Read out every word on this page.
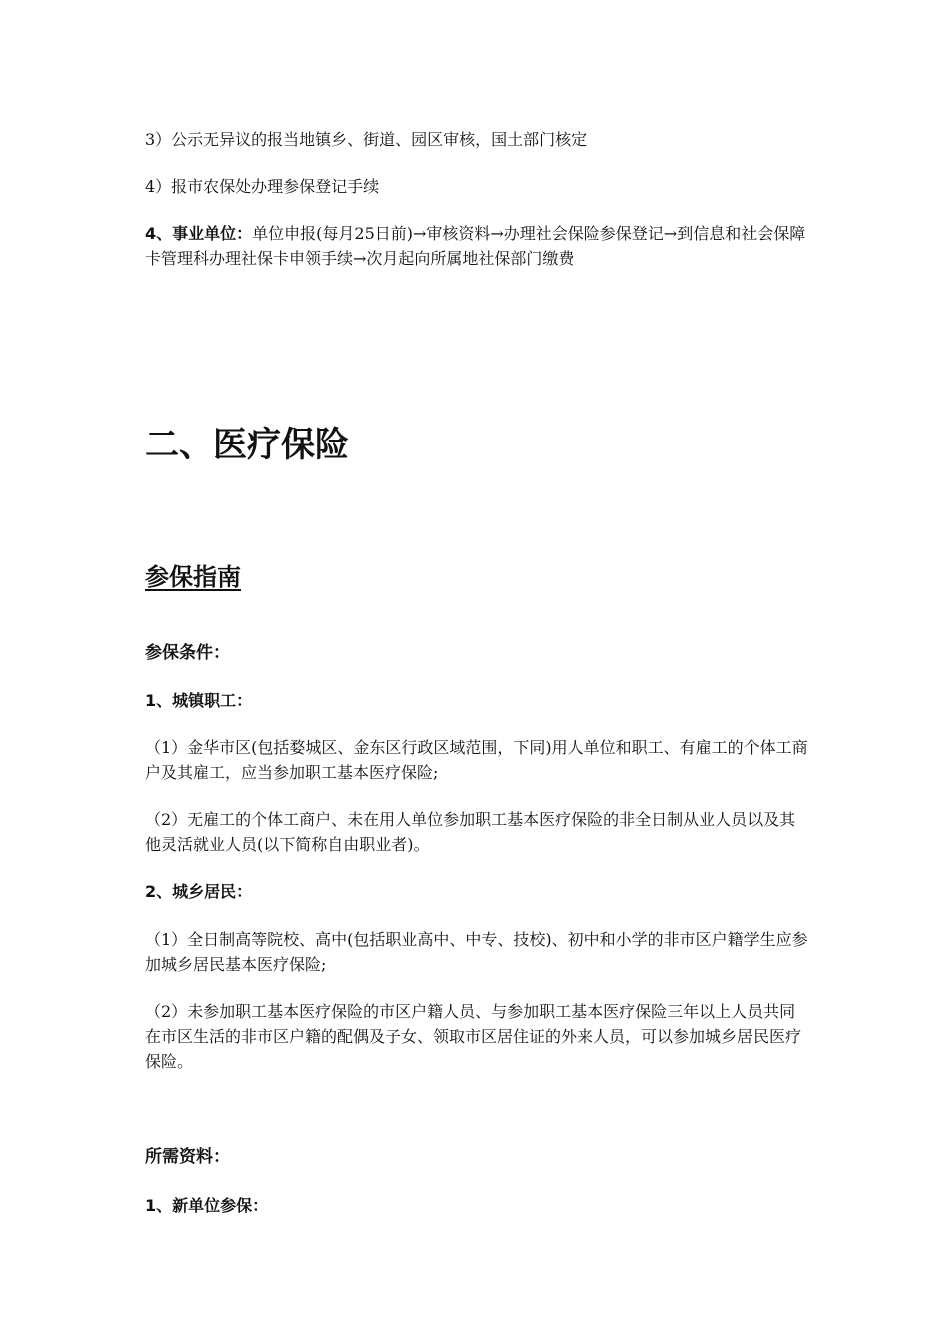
3）公示无异议的报当地镇乡、街道、园区审核，国土部门核定

4）报市农保处办理参保登记手续

4、事业单位：单位申报(每月25日前)→审核资料→办理社会保险参保登记→到信息和社会保障卡管理科办理社保卡申领手续→次月起向所属地社保部门缴费

二、医疗保险
参保指南

参保条件：

1、城镇职工：

（1）金华市区(包括婺城区、金东区行政区域范围，下同)用人单位和职工、有雇工的个体工商户及其雇工，应当参加职工基本医疗保险;

（2）无雇工的个体工商户、未在用人单位参加职工基本医疗保险的非全日制从业人员以及其他灵活就业人员(以下简称自由职业者)。

2、城乡居民：

（1）全日制高等院校、高中(包括职业高中、中专、技校)、初中和小学的非市区户籍学生应参加城乡居民基本医疗保险;

（2）未参加职工基本医疗保险的市区户籍人员、与参加职工基本医疗保险三年以上人员共同在市区生活的非市区户籍的配偶及子女、领取市区居住证的外来人员，可以参加城乡居民医疗保险。

所需资料：

1、新单位参保：
